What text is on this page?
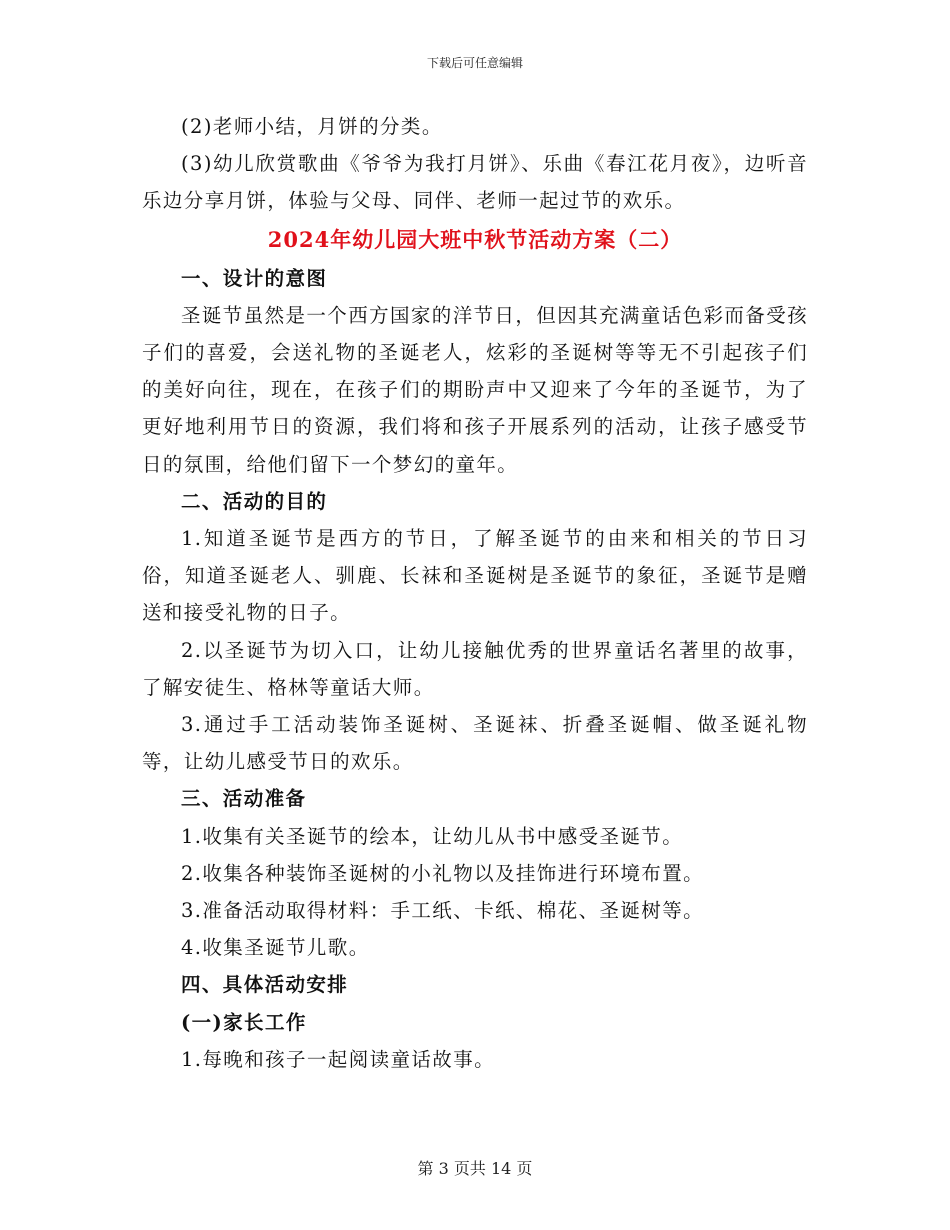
下载后可任意编辑

(2)老师小结，月饼的分类。

(3)幼儿欣赏歌曲《爷爷为我打月饼》、乐曲《春江花月夜》，边听音乐边分享月饼，体验与父母、同伴、老师一起过节的欢乐。

2024年幼儿园大班中秋节活动方案（二）

一、设计的意图

圣诞节虽然是一个西方国家的洋节日，但因其充满童话色彩而备受孩子们的喜爱，会送礼物的圣诞老人，炫彩的圣诞树等等无不引起孩子们的美好向往，现在，在孩子们的期盼声中又迎来了今年的圣诞节，为了更好地利用节日的资源，我们将和孩子开展系列的活动，让孩子感受节日的氛围，给他们留下一个梦幻的童年。

二、活动的目的

1.知道圣诞节是西方的节日，了解圣诞节的由来和相关的节日习俗，知道圣诞老人、驯鹿、长袜和圣诞树是圣诞节的象征，圣诞节是赠送和接受礼物的日子。

2.以圣诞节为切入口，让幼儿接触优秀的世界童话名著里的故事，了解安徒生、格林等童话大师。

3.通过手工活动装饰圣诞树、圣诞袜、折叠圣诞帽、做圣诞礼物等，让幼儿感受节日的欢乐。

三、活动准备

1.收集有关圣诞节的绘本，让幼儿从书中感受圣诞节。

2.收集各种装饰圣诞树的小礼物以及挂饰进行环境布置。

3.准备活动取得材料：手工纸、卡纸、棉花、圣诞树等。

4.收集圣诞节儿歌。

四、具体活动安排

(一)家长工作

1.每晚和孩子一起阅读童话故事。

第 3 页共 14 页
